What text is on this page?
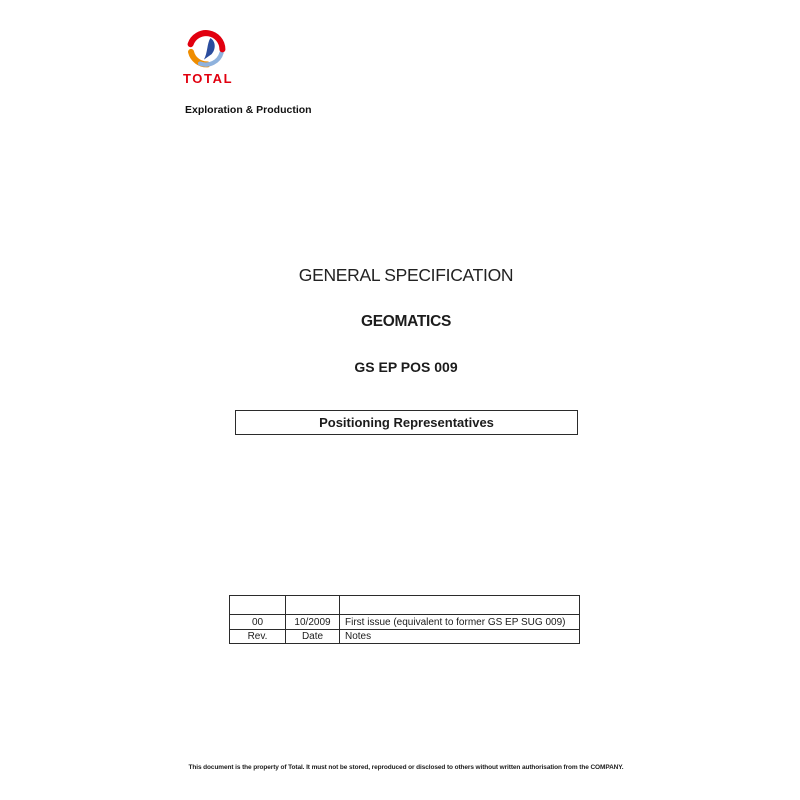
TOTAL
Exploration & Production
GENERAL SPECIFICATION
GEOMATICS
GS EP POS 009
Positioning Representatives

00	10/2009	First issue (equivalent to former GS EP SUG 009)
Rev.	Date	Notes
This document is the property of Total. It must not be stored, reproduced or disclosed to others without written authorisation from the COMPANY.
